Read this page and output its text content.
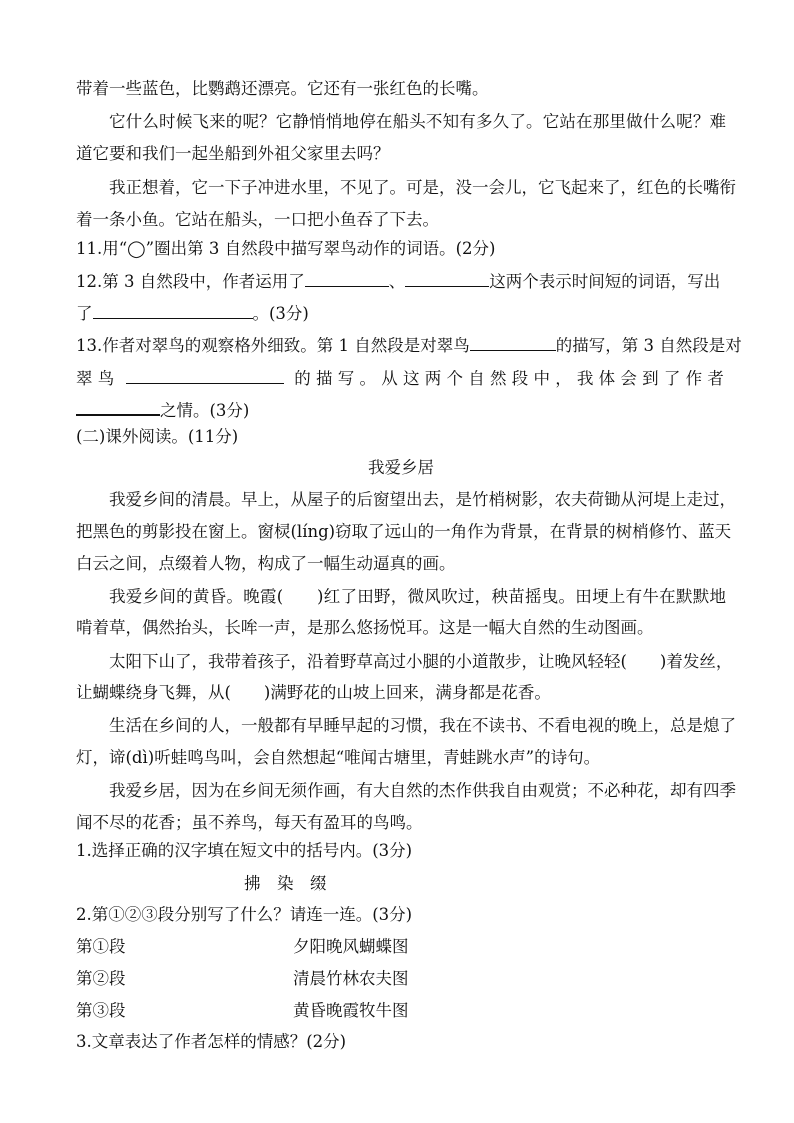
带着一些蓝色，比鹦鹉还漂亮。它还有一张红色的长嘴。
它什么时候飞来的呢？它静悄悄地停在船头不知有多久了。它站在那里做什么呢？难
道它要和我们一起坐船到外祖父家里去吗？
我正想着，它一下子冲进水里，不见了。可是，没一会儿，它飞起来了，红色的长嘴衔
着一条小鱼。它站在船头，一口把小鱼吞了下去。
11.用“◯”圈出第 3 自然段中描写翠鸟动作的词语。(2分)
12.第 3 自然段中，作者运用了	、	这两个表示时间短的词语，写出
了	。(3分)
13.作者对翠鸟的观察格外细致。第 1 自然段是对翠鸟	的描写，第 3 自然段是对
翠 鸟	的 描 写 。 从 这 两 个 自 然 段 中 ， 我 体 会 到 了 作 者
之情。(3分)
(二)课外阅读。(11分)
我爱乡居
我爱乡间的清晨。早上，从屋子的后窗望出去，是竹梢树影，农夫荷锄从河堤上走过，
把黑色的剪影投在窗上。窗棂(líng)窃取了远山的一角作为背景，在背景的树梢修竹、蓝天
白云之间，点缀着人物，构成了一幅生动逼真的画。
我爱乡间的黄昏。晚霞(　　)红了田野，微风吹过，秧苗摇曳。田埂上有牛在默默地
啃着草，偶然抬头，长哞一声，是那么悠扬悦耳。这是一幅大自然的生动图画。
太阳下山了，我带着孩子，沿着野草高过小腿的小道散步，让晚风轻轻(　　)着发丝，
让蝴蝶绕身飞舞，从(　　)满野花的山坡上回来，满身都是花香。
生活在乡间的人，一般都有早睡早起的习惯，我在不读书、不看电视的晚上，总是熄了
灯，谛(dì)听蛙鸣鸟叫，会自然想起“唯闻古塘里，青蛙跳水声”的诗句。
我爱乡居，因为在乡间无须作画，有大自然的杰作供我自由观赏；不必种花，却有四季
闻不尽的花香；虽不养鸟，每天有盈耳的鸟鸣。
1.选择正确的汉字填在短文中的括号内。(3分)
拂　染　缀
2.第①②③段分别写了什么？请连一连。(3分)
第①段	夕阳晚风蝴蝶图
第②段	清晨竹林农夫图
第③段	黄昏晚霞牧牛图
3.文章表达了作者怎样的情感？(2分)
